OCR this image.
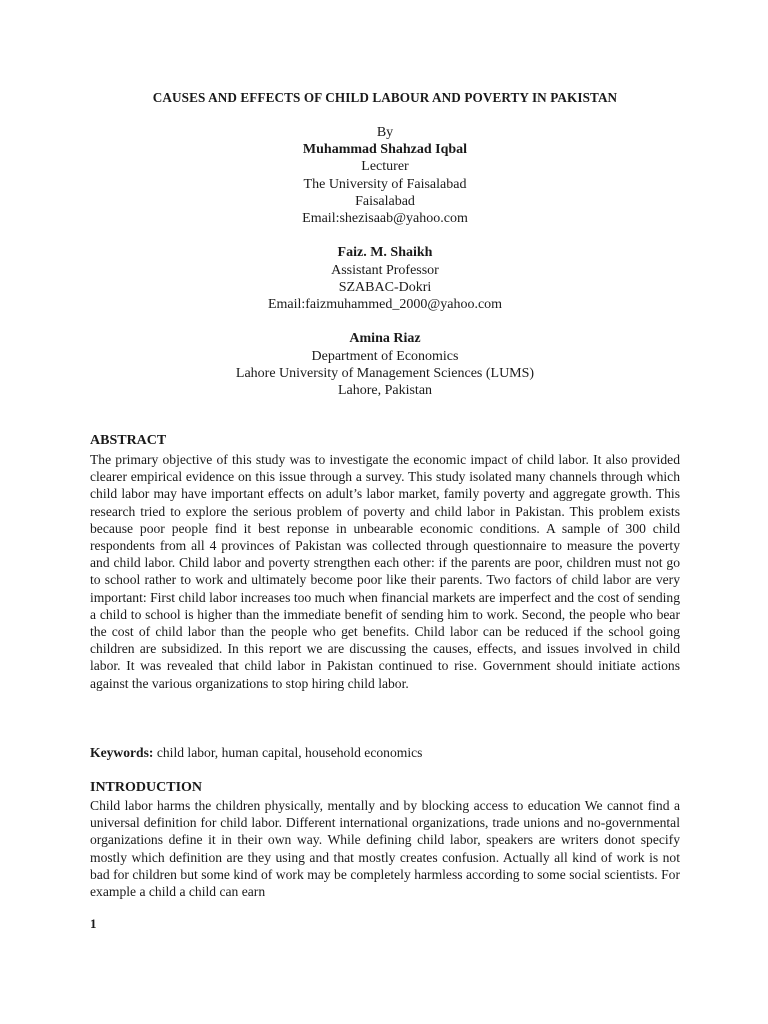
CAUSES AND EFFECTS OF CHILD LABOUR AND POVERTY IN PAKISTAN
By
Muhammad Shahzad Iqbal
Lecturer
The University of Faisalabad
Faisalabad
Email:shezisaab@yahoo.com
Faiz. M. Shaikh
Assistant Professor
SZABAC-Dokri
Email:faizmuhammed_2000@yahoo.com
Amina Riaz
Department of Economics
Lahore University of Management Sciences (LUMS)
Lahore, Pakistan
ABSTRACT
The primary objective of this study was to investigate the economic impact of child labor. It also provided clearer empirical evidence on this issue through a survey. This study isolated many channels through which child labor may have important effects on adult’s labor market, family poverty and aggregate growth. This research tried to explore the serious problem of poverty and child labor in Pakistan. This problem exists because poor people find it best reponse in unbearable economic conditions. A sample of 300 child respondents from all 4 provinces of Pakistan was collected through questionnaire to measure the poverty and child labor. Child labor and poverty strengthen each other: if the parents are poor, children must not go to school rather to work and ultimately become poor like their parents. Two factors of child labor are very important: First child labor increases too much when financial markets are imperfect and the cost of sending a child to school is higher than the immediate benefit of sending him to work. Second, the people who bear the cost of child labor than the people who get benefits. Child labor can be reduced if the school going children are subsidized. In this report we are discussing the causes, effects, and issues involved in child labor. It was revealed that child labor in Pakistan continued to rise. Government should initiate actions against the various organizations to stop hiring child labor.
Keywords: child labor, human capital, household economics
INTRODUCTION
Child labor harms the children physically, mentally and by blocking access to education We cannot find a universal definition for child labor. Different international organizations, trade unions and no-governmental organizations define it in their own way. While defining child labor, speakers are writers donot specify mostly which definition are they using and that mostly creates confusion. Actually all kind of work is not bad for children but some kind of work may be completely harmless according to some social scientists. For example a child a child can earn
1
